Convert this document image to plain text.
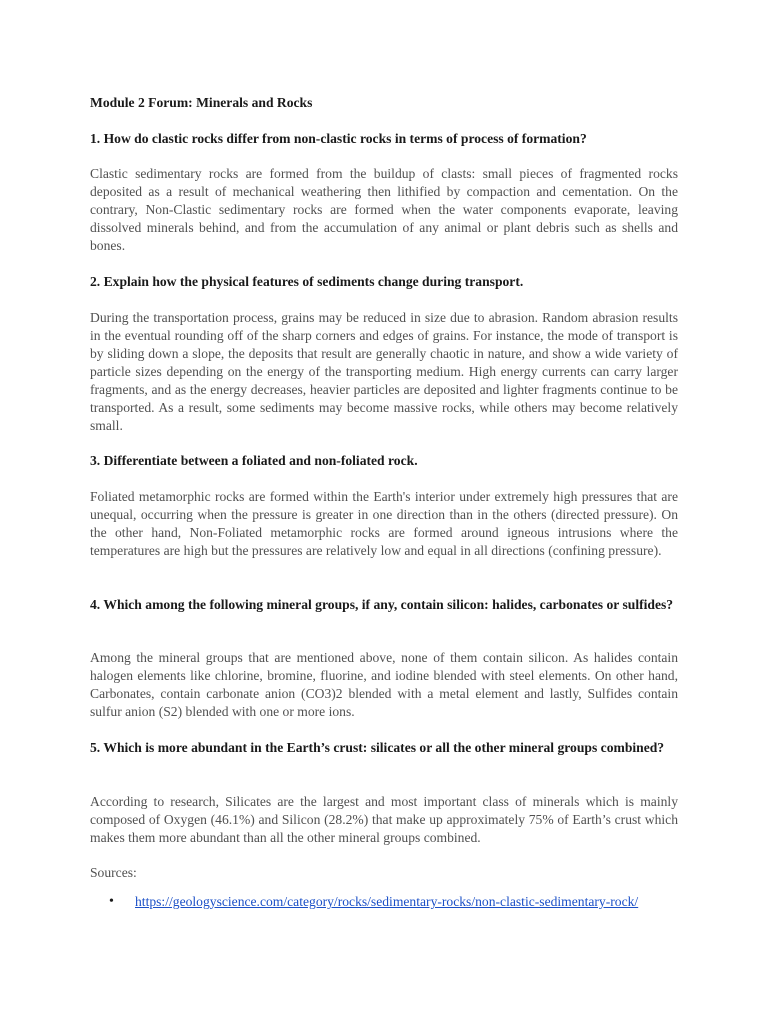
Module 2 Forum: Minerals and Rocks

1. How do clastic rocks differ from non-clastic rocks in terms of process of formation?

Clastic sedimentary rocks are formed from the buildup of clasts: small pieces of fragmented rocks deposited as a result of mechanical weathering then lithified by compaction and cementation. On the contrary, Non-Clastic sedimentary rocks are formed when the water components evaporate, leaving dissolved minerals behind, and from the accumulation of any animal or plant debris such as shells and bones.

2. Explain how the physical features of sediments change during transport.

During the transportation process, grains may be reduced in size due to abrasion. Random abrasion results in the eventual rounding off of the sharp corners and edges of grains. For instance, the mode of transport is by sliding down a slope, the deposits that result are generally chaotic in nature, and show a wide variety of particle sizes depending on the energy of the transporting medium. High energy currents can carry larger fragments, and as the energy decreases, heavier particles are deposited and lighter fragments continue to be transported. As a result, some sediments may become massive rocks, while others may become relatively small.

3. Differentiate between a foliated and non-foliated rock.

Foliated metamorphic rocks are formed within the Earth's interior under extremely high pressures that are unequal, occurring when the pressure is greater in one direction than in the others (directed pressure). On the other hand, Non-Foliated metamorphic rocks are formed around igneous intrusions where the temperatures are high but the pressures are relatively low and equal in all directions (confining pressure).

4. Which among the following mineral groups, if any, contain silicon: halides, carbonates or sulfides?

Among the mineral groups that are mentioned above, none of them contain silicon. As halides contain halogen elements like chlorine, bromine, fluorine, and iodine blended with steel elements. On other hand, Carbonates, contain carbonate anion (CO3)2 blended with a metal element and lastly, Sulfides contain sulfur anion (S2) blended with one or more ions.

5. Which is more abundant in the Earth’s crust: silicates or all the other mineral groups combined?

According to research, Silicates are the largest and most important class of minerals which is mainly composed of Oxygen (46.1%) and Silicon (28.2%) that make up approximately 75% of Earth’s crust which makes them more abundant than all the other mineral groups combined.

Sources:

• https://geologyscience.com/category/rocks/sedimentary-rocks/non-clastic-sedimentary-rock/
